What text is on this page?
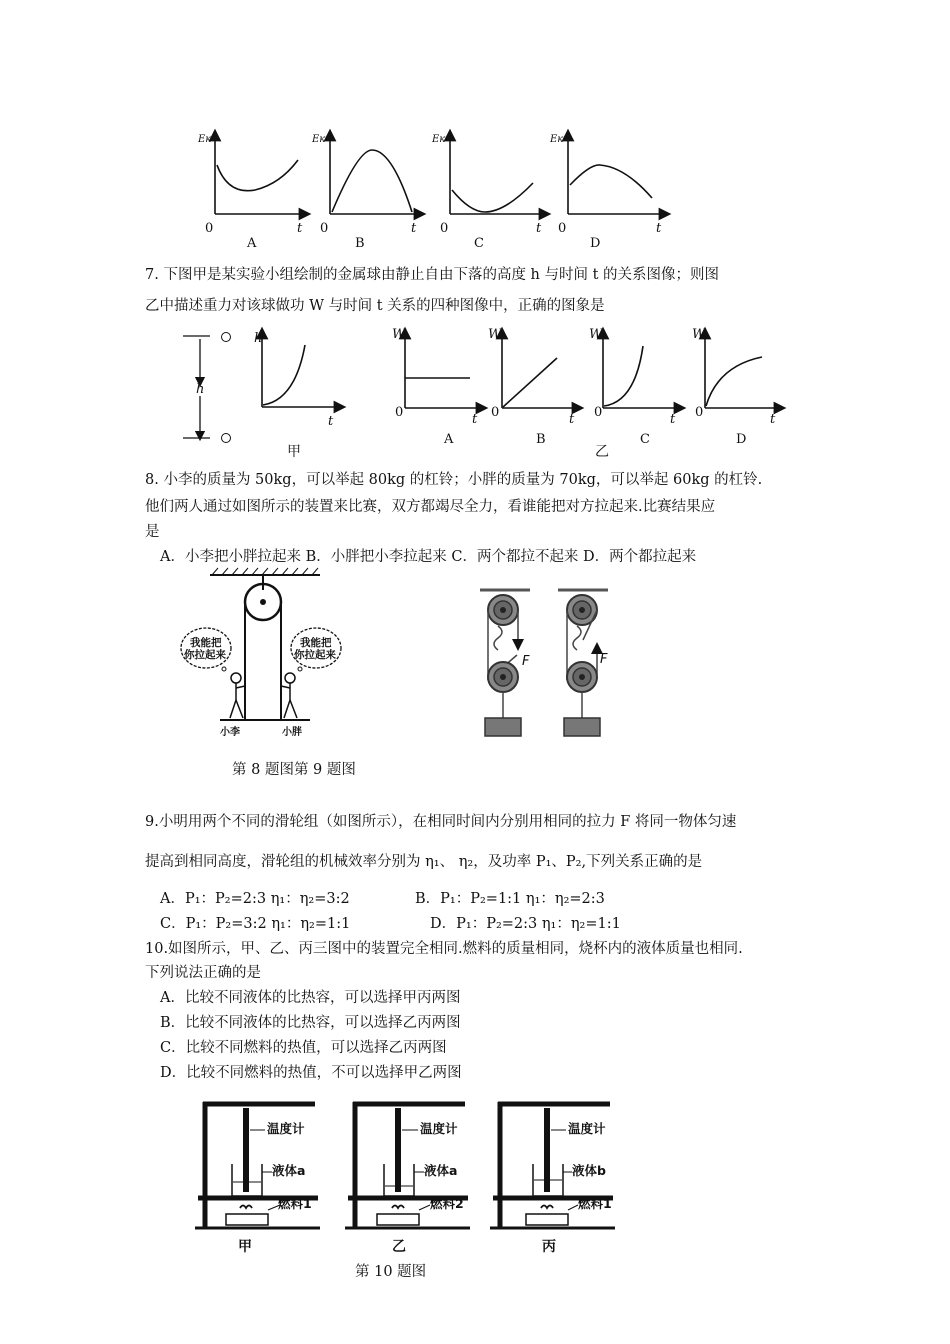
Eк
t
0
A
Eк
t
0
B
Eк
t
0
C
Eк
t
0
D
7. 下图甲是某实验小组绘制的金属球由静止自由下落的高度 h 与时间 t 的关系图像；则图
乙中描述重力对该球做功 W 与时间 t 关系的四种图像中，正确的图象是
h
h
t
甲
W
t
0
A
W
t
0
B
乙
W
t
0
C
W
t
0
D
8. 小李的质量为 50kg，可以举起 80kg 的杠铃；小胖的质量为 70kg，可以举起 60kg 的杠铃.
他们两人通过如图所示的装置来比赛，双方都竭尽全力，看谁能把对方拉起来.比赛结果应
是
A．小李把小胖拉起来 B．小胖把小李拉起来 C．两个都拉不起来 D．两个都拉起来
我能把
你拉起来
我能把
你拉起来
小李	小胖
F	F
第 8 题图第 9 题图
9.小明用两个不同的滑轮组（如图所示），在相同时间内分别用相同的拉力 F 将同一物体匀速
提高到相同高度，滑轮组的机械效率分别为 η₁、 η₂，及功率 P₁、P₂,下列关系正确的是
A．P₁：P₂=2:3 η₁：η₂=3:2	B．P₁：P₂=1:1 η₁：η₂=2:3
C．P₁：P₂=3:2 η₁：η₂=1:1	D．P₁：P₂=2:3 η₁：η₂=1:1
10.如图所示，甲、乙、丙三图中的装置完全相同.燃料的质量相同，烧杯内的液体质量也相同.
下列说法正确的是
A．比较不同液体的比热容，可以选择甲丙两图
B．比较不同液体的比热容，可以选择乙丙两图
C．比较不同燃料的热值，可以选择乙丙两图
D．比较不同燃料的热值，不可以选择甲乙两图
温度计
液体a
燃料1
甲
温度计
液体a
燃料2
乙
温度计
液体b
燃料1
丙
第 10 题图
